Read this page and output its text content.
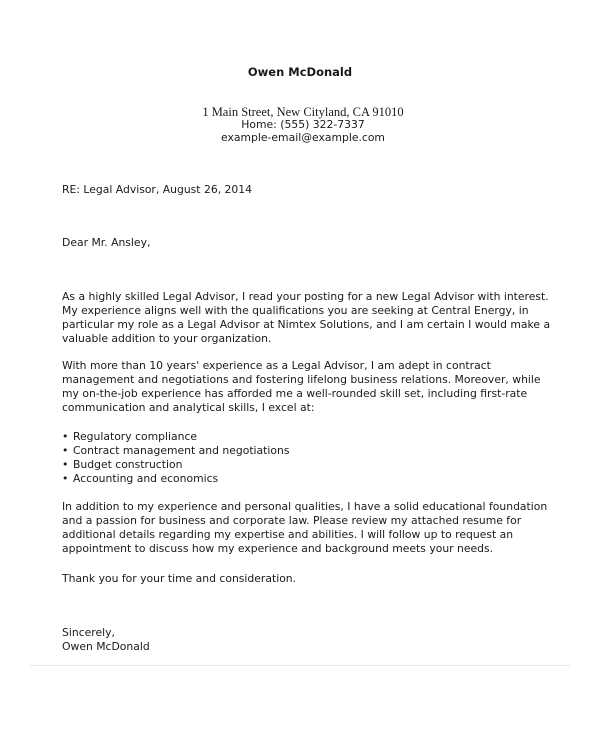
Owen McDonald

1 Main Street, New Cityland, CA 91010

Home: (555) 322-7337

example-email@example.com

RE: Legal Advisor, August 26, 2014

Dear Mr. Ansley,

As a highly skilled Legal Advisor, I read your posting for a new Legal Advisor with interest.
My experience aligns well with the qualifications you are seeking at Central Energy, in
particular my role as a Legal Advisor at Nimtex Solutions, and I am certain I would make a
valuable addition to your organization.
With more than 10 years' experience as a Legal Advisor, I am adept in contract
management and negotiations and fostering lifelong business relations. Moreover, while
my on-the-job experience has afforded me a well-rounded skill set, including first-rate
communication and analytical skills, I excel at:
• Regulatory compliance
• Contract management and negotiations
• Budget construction
• Accounting and economics
In addition to my experience and personal qualities, I have a solid educational foundation
and a passion for business and corporate law. Please review my attached resume for
additional details regarding my expertise and abilities. I will follow up to request an
appointment to discuss how my experience and background meets your needs.

Thank you for your time and consideration.

Sincerely,

Owen McDonald
